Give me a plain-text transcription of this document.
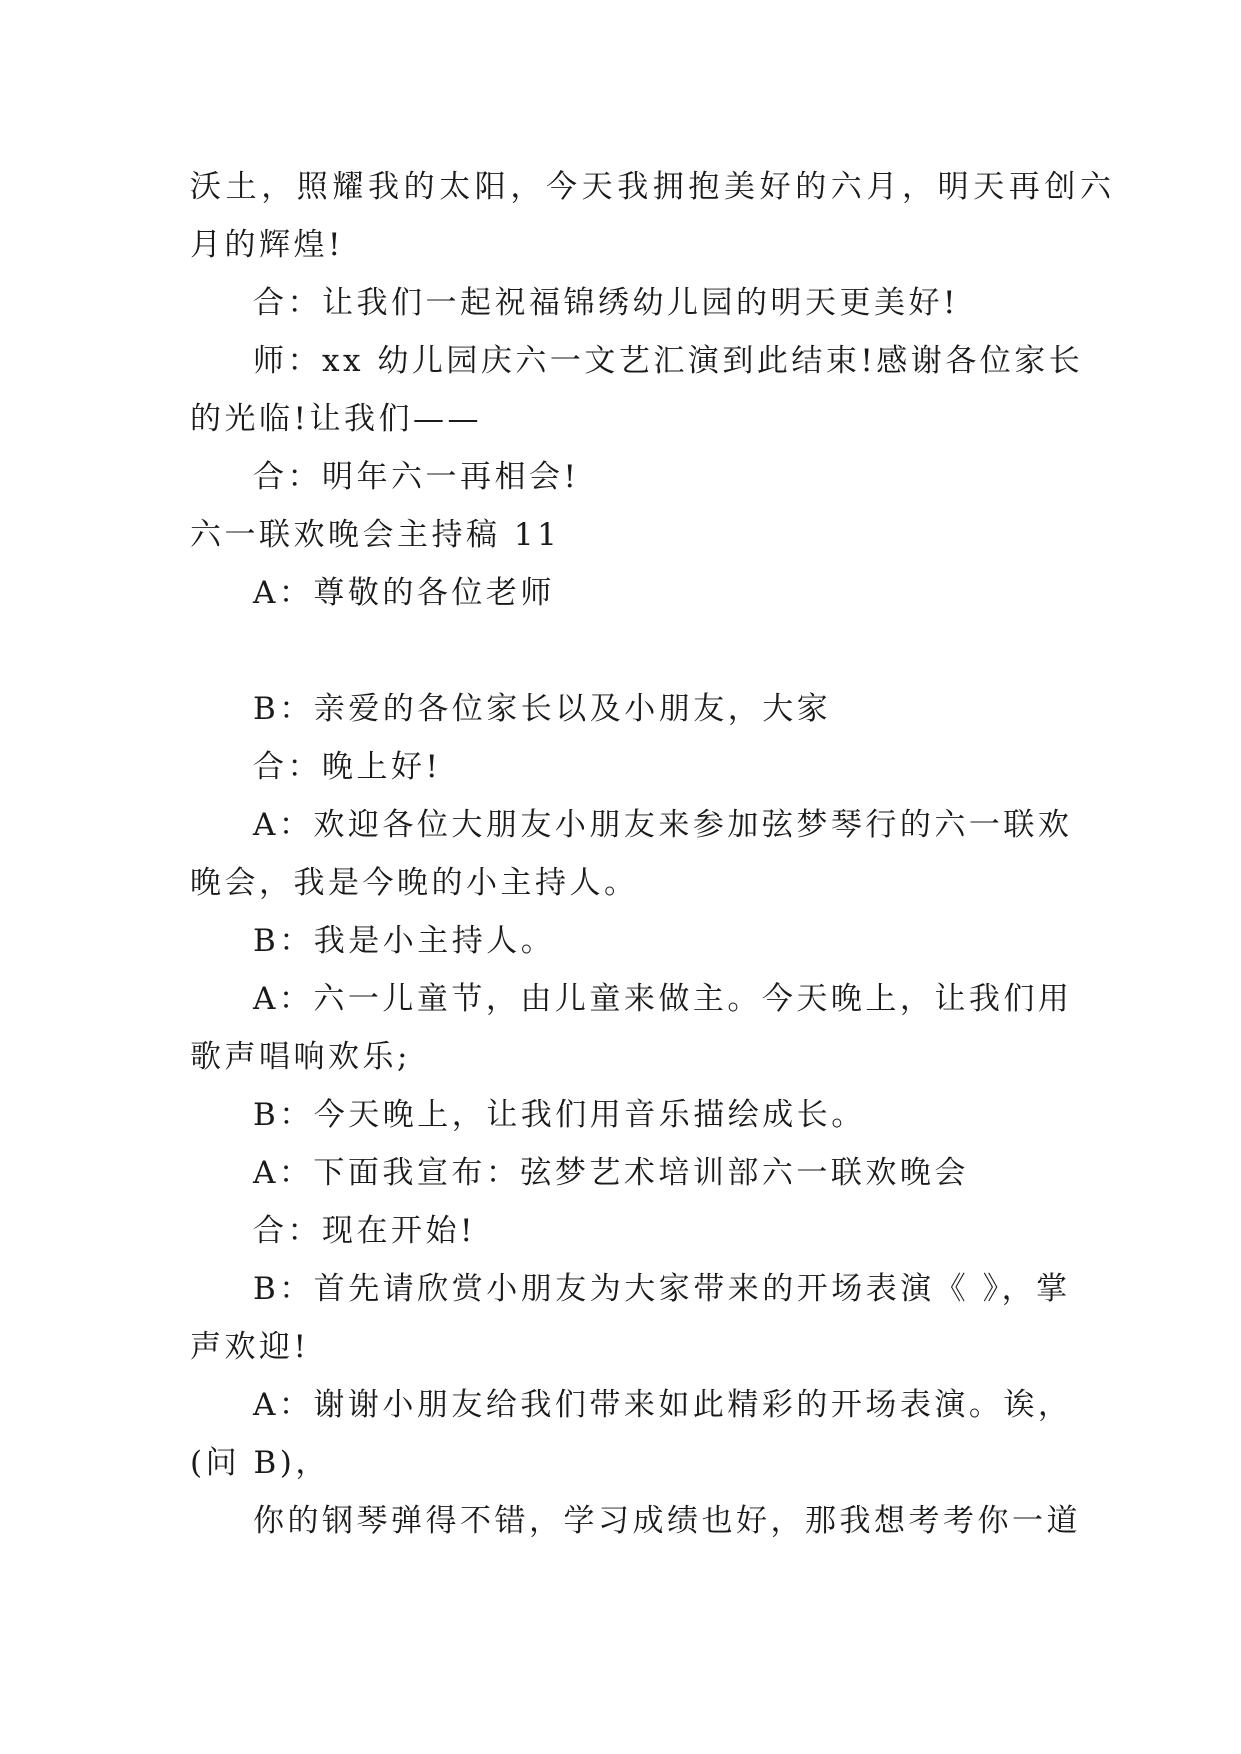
沃土，照耀我的太阳，今天我拥抱美好的六月，明天再创六
月的辉煌!
合：让我们一起祝福锦绣幼儿园的明天更美好!
师：xx 幼儿园庆六一文艺汇演到此结束!感谢各位家长
的光临!让我们——
合：明年六一再相会!
六一联欢晚会主持稿 11
A：尊敬的各位老师
B：亲爱的各位家长以及小朋友，大家
合：晚上好!
A：欢迎各位大朋友小朋友来参加弦梦琴行的六一联欢
晚会，我是今晚的小主持人。
B：我是小主持人。
A：六一儿童节，由儿童来做主。今天晚上，让我们用
歌声唱响欢乐;
B：今天晚上，让我们用音乐描绘成长。
A：下面我宣布：弦梦艺术培训部六一联欢晚会
合：现在开始!
B：首先请欣赏小朋友为大家带来的开场表演《 》，掌
声欢迎!
A：谢谢小朋友给我们带来如此精彩的开场表演。诶，
(问 B)，
你的钢琴弹得不错，学习成绩也好，那我想考考你一道
